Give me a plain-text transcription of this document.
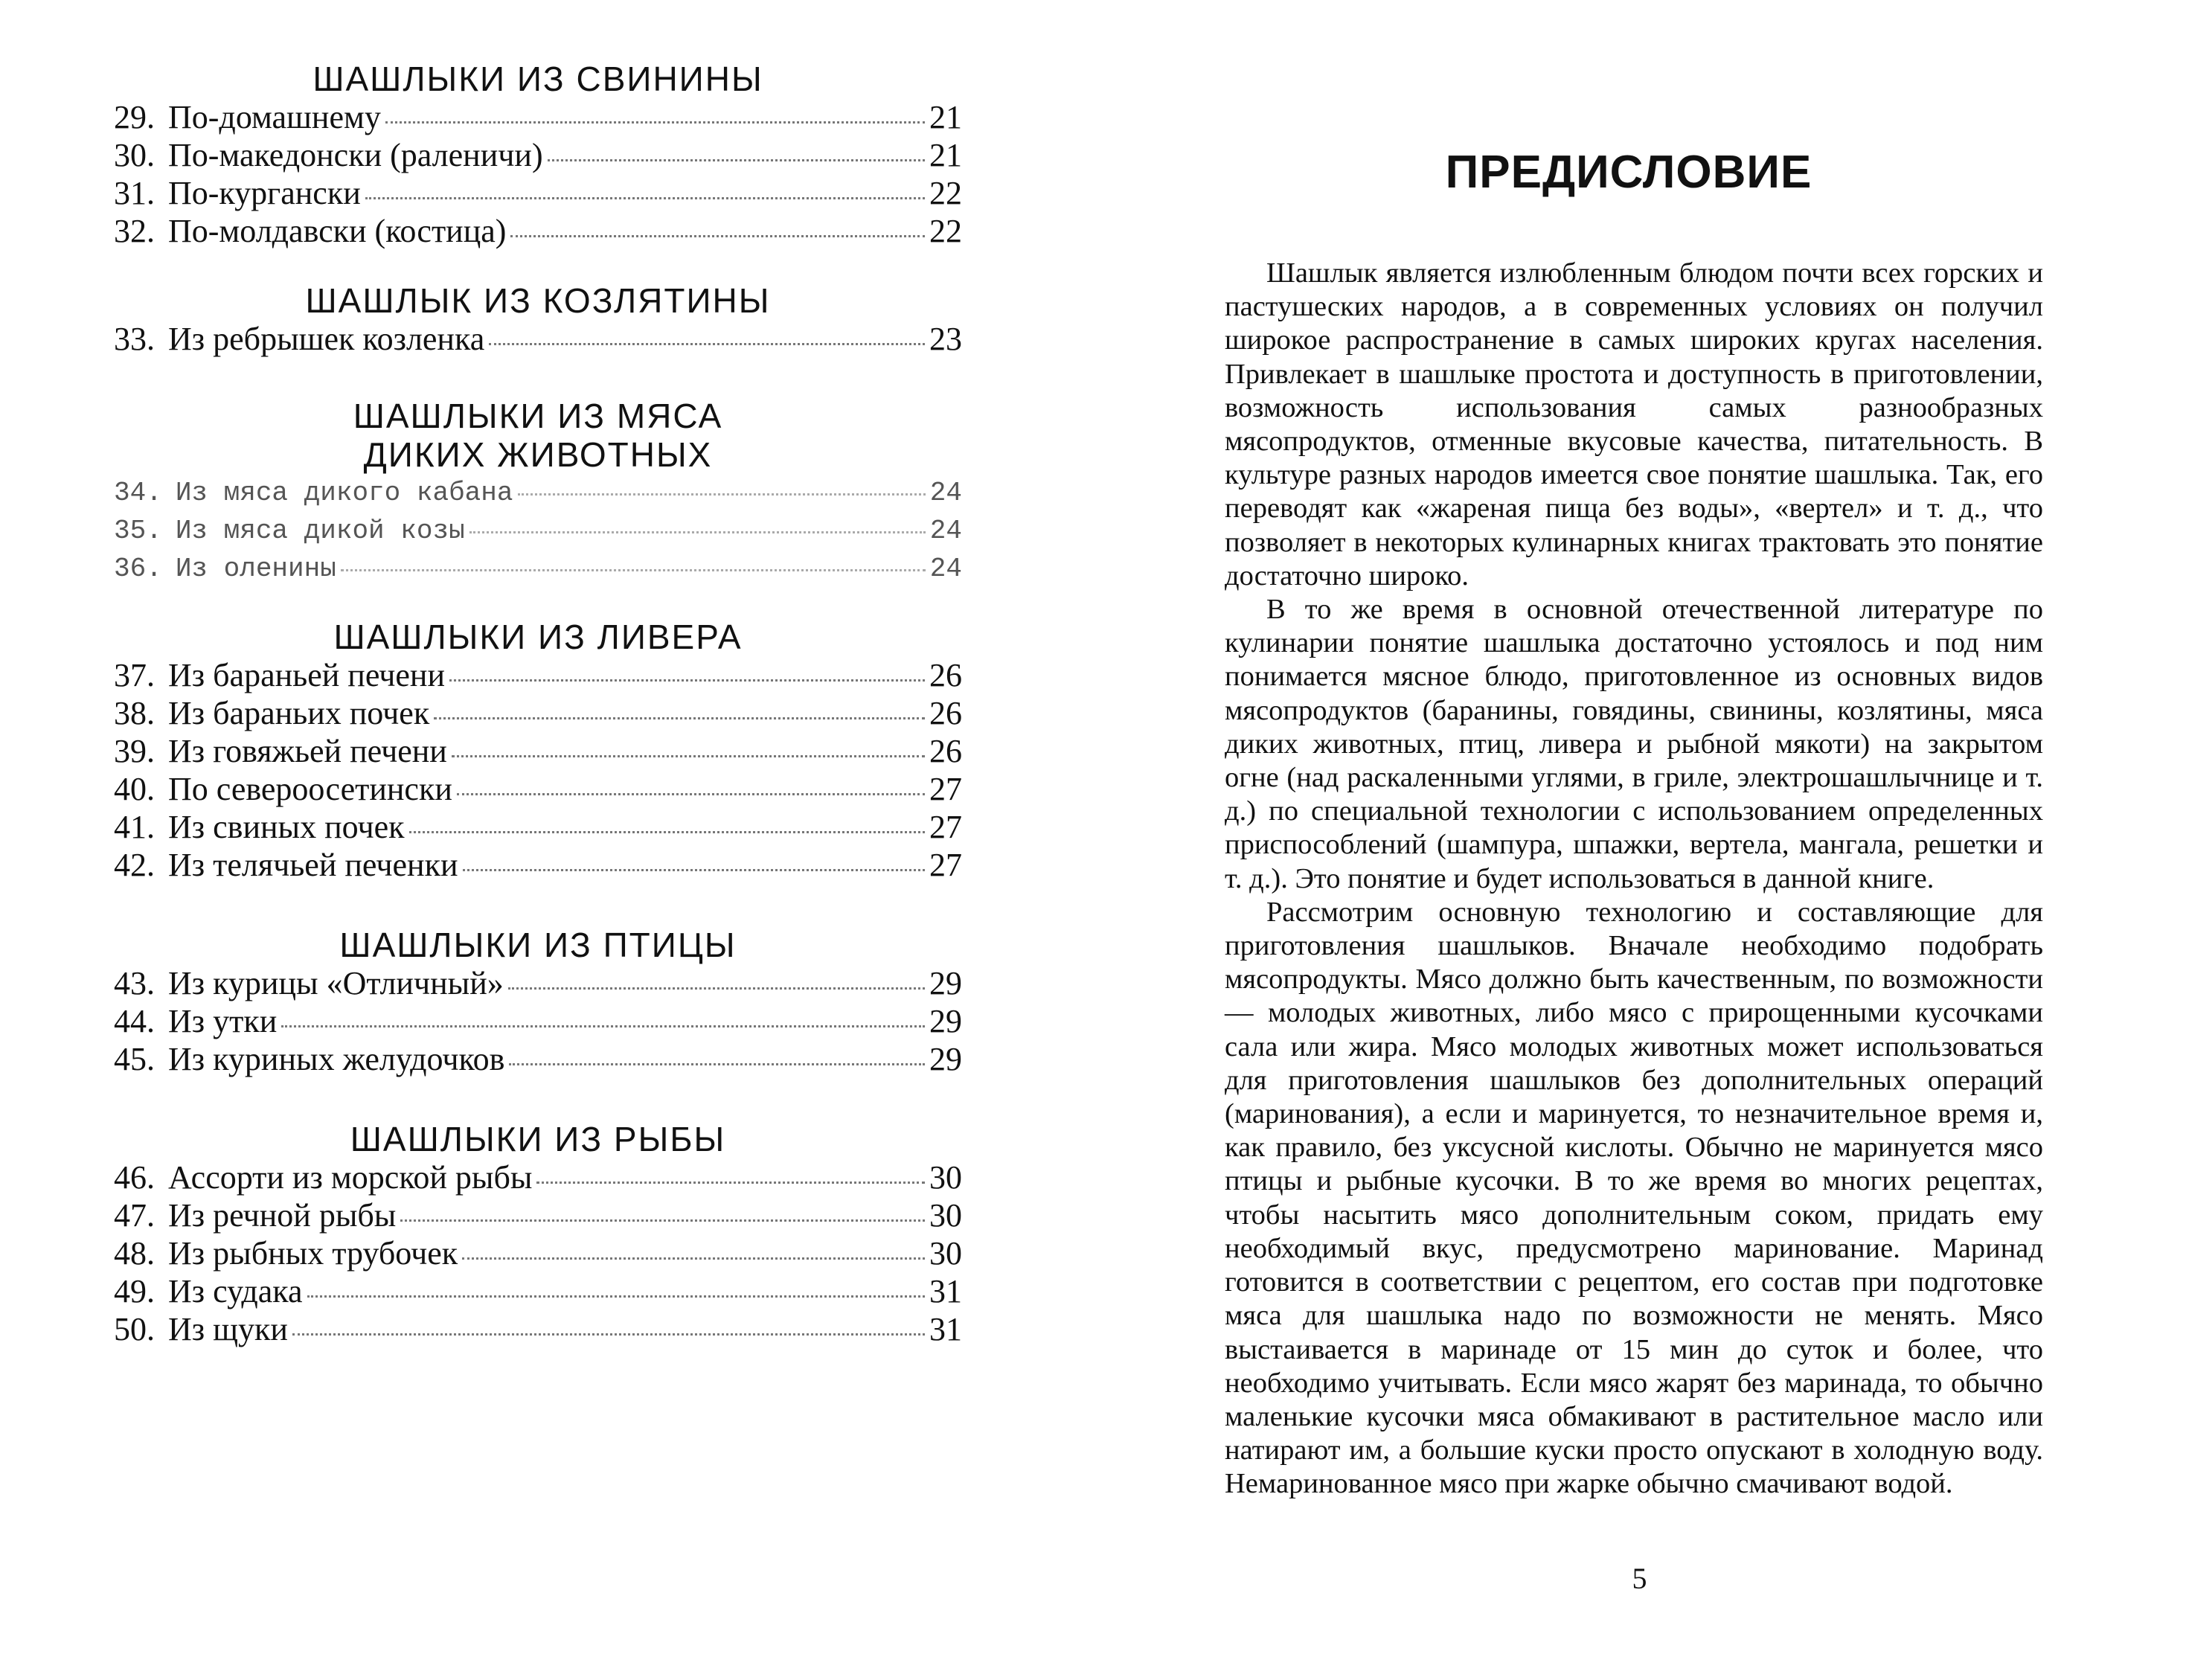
ШАШЛЫКИ ИЗ СВИНИНЫ
29. По-домашнему	21
30. По-македонски (раленичи)	21
31. По-кургански	22
32. По-молдавски (костица)	22
ШАШЛЫК ИЗ КОЗЛЯТИНЫ
33. Из ребрышек козленка	23
ШАШЛЫКИ ИЗ МЯСА
ДИКИХ ЖИВОТНЫХ
34. Из мяса дикого кабана	24
35. Из мяса дикой козы	24
36. Из оленины	24
ШАШЛЫКИ ИЗ ЛИВЕРА
37. Из бараньей печени	26
38. Из бараньих почек	26
39. Из говяжьей печени	26
40. По североосетински	27
41. Из свиных почек	27
42. Из телячьей печенки	27
ШАШЛЫКИ ИЗ ПТИЦЫ
43. Из курицы «Отличный»	29
44. Из утки	29
45. Из куриных желудочков	29
ШАШЛЫКИ ИЗ РЫБЫ
46. Ассорти из морской рыбы	30
47. Из речной рыбы	30
48. Из рыбных трубочек	30
49. Из судака	31
50. Из щуки	31
ПРЕДИСЛОВИЕ

Шашлык является излюбленным блюдом почти всех горских и пастушеских народов, а в современных условиях он получил широкое распространение в самых широких кругах населения. Привлекает в шашлыке простота и доступность в приготовлении, возможность использования самых разнообразных мясопродуктов, отменные вкусовые качества, питательность. В культуре разных народов имеется свое понятие шашлыка. Так, его переводят как «жареная пища без воды», «вертел» и т. д., что позволяет в некоторых кулинарных книгах трактовать это понятие достаточно широко.

В то же время в основной отечественной литературе по кулинарии понятие шашлыка достаточно устоялось и под ним понимается мясное блюдо, приготовленное из основных видов мясопродуктов (баранины, говядины, свинины, козлятины, мяса диких животных, птиц, ливера и рыбной мякоти) на закрытом огне (над раскаленными углями, в гриле, электрошашлычнице и т. д.) по специальной технологии с использованием определенных приспособлений (шампура, шпажки, вертела, мангала, решетки и т. д.). Это понятие и будет использоваться в данной книге.

Рассмотрим основную технологию и составляющие для приготовления шашлыков. Вначале необходимо подобрать мясопродукты. Мясо должно быть качественным, по возможности — молодых животных, либо мясо с прирощенными кусочками сала или жира. Мясо молодых животных может использоваться для приготовления шашлыков без дополнительных операций (маринования), а если и маринуется, то незначительное время и, как правило, без уксусной кислоты. Обычно не маринуется мясо птицы и рыбные кусочки. В то же время во многих рецептах, чтобы насытить мясо дополнительным соком, придать ему необходимый вкус, предусмотрено маринование. Маринад готовится в соответствии с рецептом, его состав при подготовке мяса для шашлыка надо по возможности не менять. Мясо выстаивается в маринаде от 15 мин до суток и более, что необходимо учитывать. Если мясо жарят без маринада, то обычно маленькие кусочки мяса обмакивают в растительное масло или натирают им, а большие куски просто опускают в холодную воду. Немаринованное мясо при жарке обычно смачивают водой.

5
